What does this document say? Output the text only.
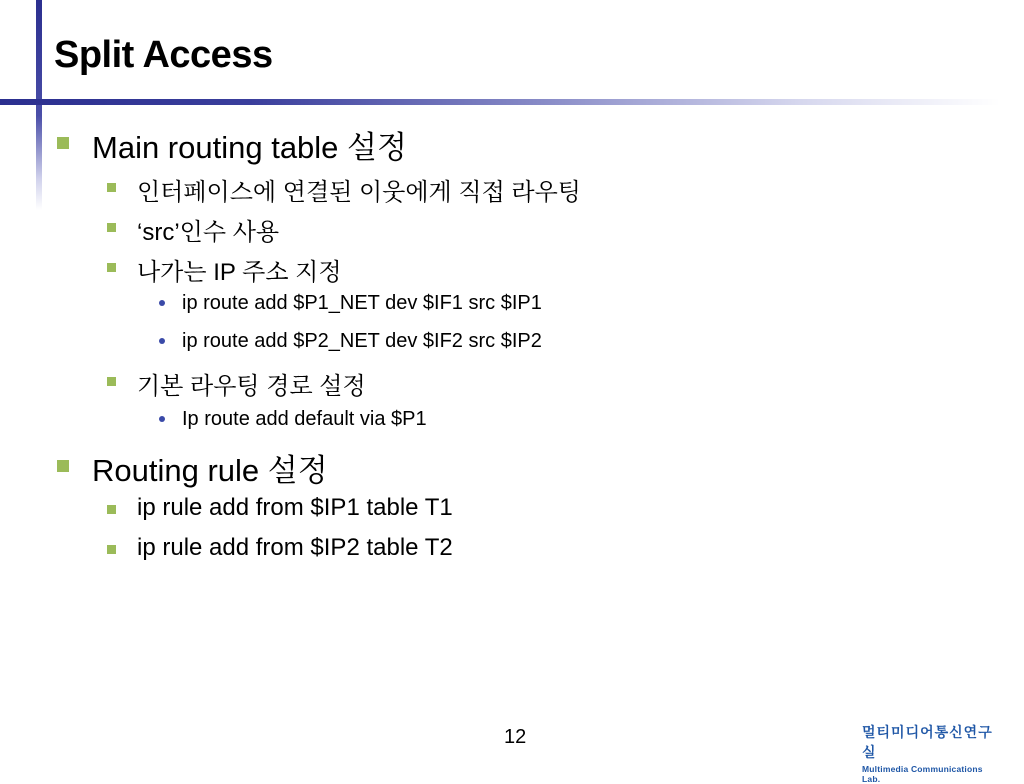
Split Access
Main routing table 설정
인터페이스에 연결된 이웃에게 직접 라우팅
‘src’인수 사용
나가는 IP 주소 지정
ip route add $P1_NET dev $IF1 src $IP1
ip route add $P2_NET dev $IF2 src $IP2
기본 라우팅 경로 설정
Ip route add default via $P1
Routing rule 설정
ip rule add from $IP1 table T1
ip rule add from $IP2 table T2
12	멀티미디어통신연구실
Multimedia Communications Lab.
